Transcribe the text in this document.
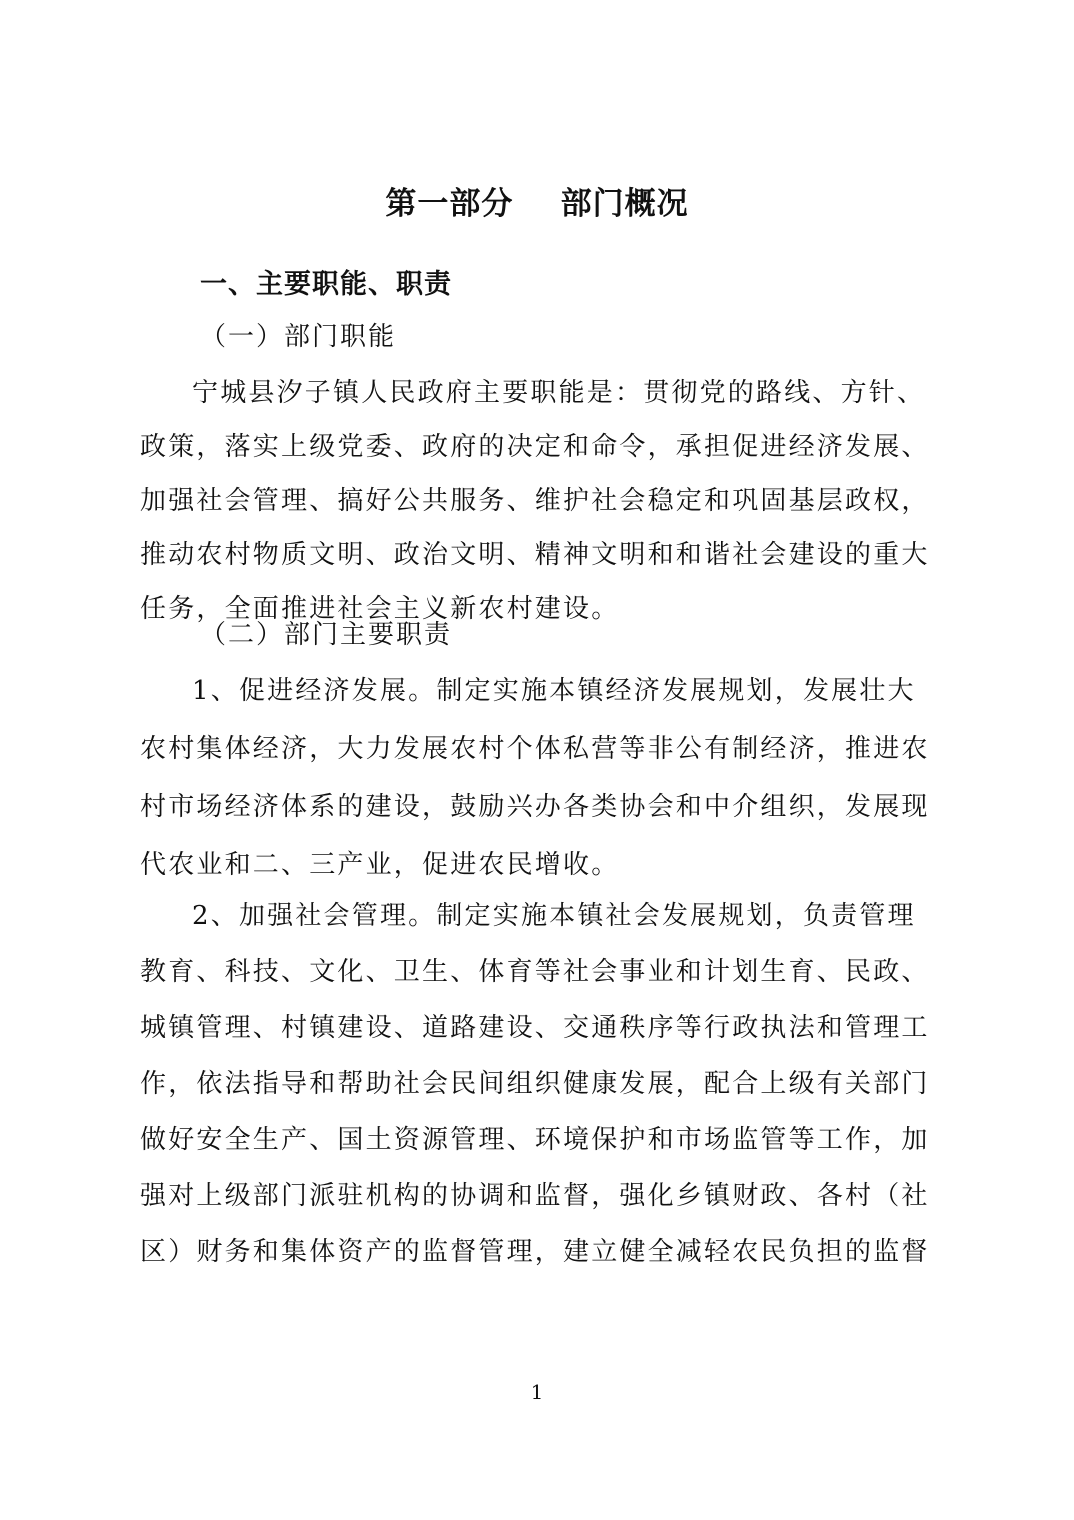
第一部分    部门概况
一、主要职能、职责
（一）部门职能
宁城县汐子镇人民政府主要职能是：贯彻党的路线、方针、
政策，落实上级党委、政府的决定和命令，承担促进经济发展、
加强社会管理、搞好公共服务、维护社会稳定和巩固基层政权，
推动农村物质文明、政治文明、精神文明和和谐社会建设的重大
任务，全面推进社会主义新农村建设。
（二）部门主要职责
1、促进经济发展。制定实施本镇经济发展规划，发展壮大
农村集体经济，大力发展农村个体私营等非公有制经济，推进农
村市场经济体系的建设，鼓励兴办各类协会和中介组织，发展现
代农业和二、三产业，促进农民增收。
2、加强社会管理。制定实施本镇社会发展规划，负责管理
教育、科技、文化、卫生、体育等社会事业和计划生育、民政、
城镇管理、村镇建设、道路建设、交通秩序等行政执法和管理工
作，依法指导和帮助社会民间组织健康发展，配合上级有关部门
做好安全生产、国土资源管理、环境保护和市场监管等工作，加
强对上级部门派驻机构的协调和监督，强化乡镇财政、各村（社
区）财务和集体资产的监督管理，建立健全减轻农民负担的监督
1
